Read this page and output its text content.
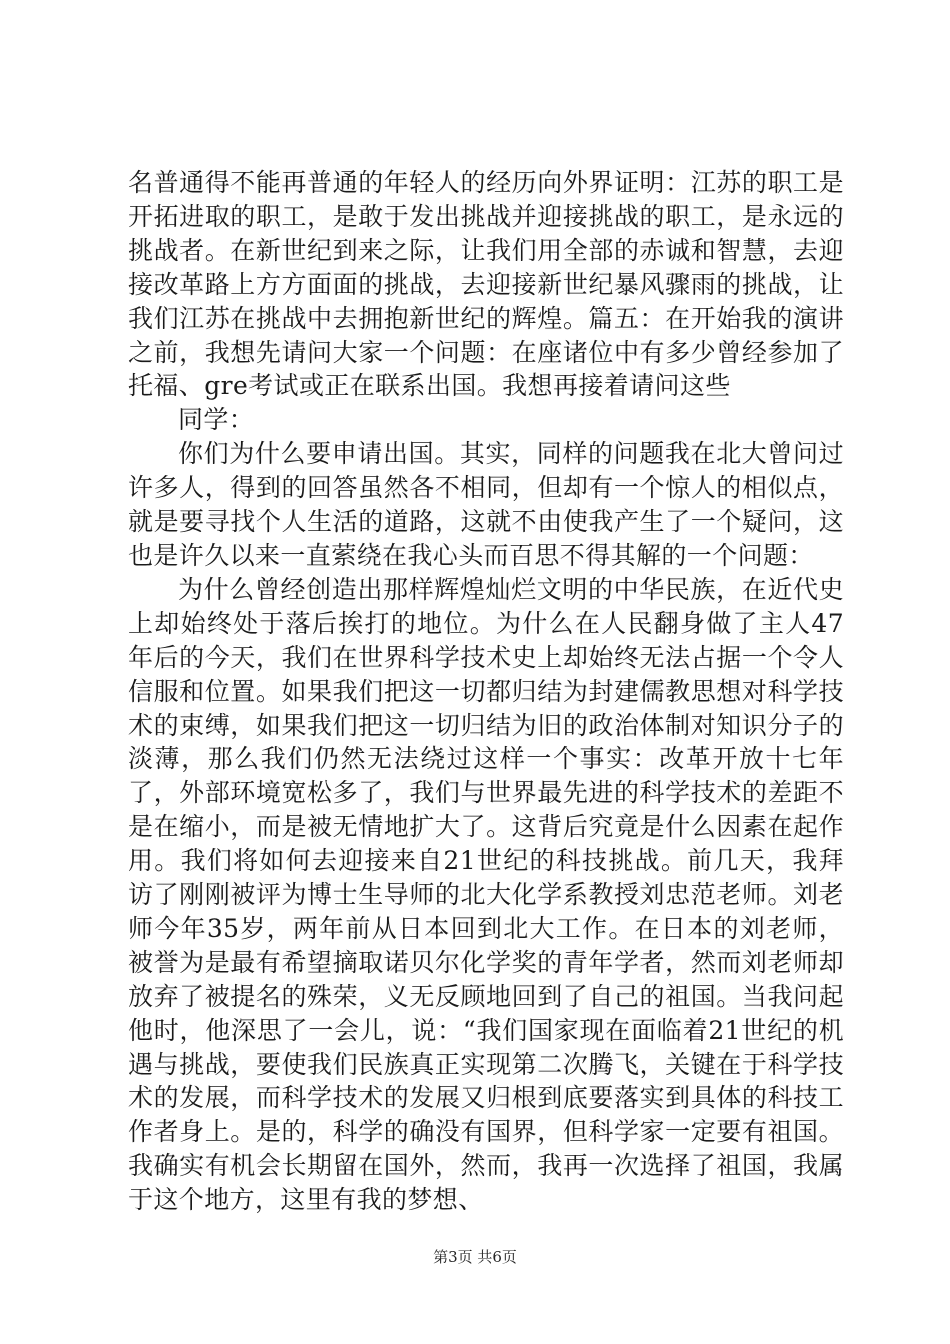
名普通得不能再普通的年轻人的经历向外界证明：江苏的职工是开拓进取的职工，是敢于发出挑战并迎接挑战的职工，是永远的挑战者。在新世纪到来之际，让我们用全部的赤诚和智慧，去迎接改革路上方方面面的挑战，去迎接新世纪暴风骤雨的挑战，让我们江苏在挑战中去拥抱新世纪的辉煌。篇五：在开始我的演讲之前，我想先请问大家一个问题：在座诸位中有多少曾经参加了托福、gre考试或正在联系出国。我想再接着请问这些

同学：

你们为什么要申请出国。其实，同样的问题我在北大曾问过许多人，得到的回答虽然各不相同，但却有一个惊人的相似点，就是要寻找个人生活的道路，这就不由使我产生了一个疑问，这也是许久以来一直萦绕在我心头而百思不得其解的一个问题：

为什么曾经创造出那样辉煌灿烂文明的中华民族，在近代史上却始终处于落后挨打的地位。为什么在人民翻身做了主人47年后的今天，我们在世界科学技术史上却始终无法占据一个令人信服和位置。如果我们把这一切都归结为封建儒教思想对科学技术的束缚，如果我们把这一切归结为旧的政治体制对知识分子的淡薄，那么我们仍然无法绕过这样一个事实：改革开放十七年了，外部环境宽松多了，我们与世界最先进的科学技术的差距不是在缩小，而是被无情地扩大了。这背后究竟是什么因素在起作用。我们将如何去迎接来自21世纪的科技挑战。前几天，我拜访了刚刚被评为博士生导师的北大化学系教授刘忠范老师。刘老师今年35岁，两年前从日本回到北大工作。在日本的刘老师，被誉为是最有希望摘取诺贝尔化学奖的青年学者，然而刘老师却放弃了被提名的殊荣，义无反顾地回到了自己的祖国。当我问起他时，他深思了一会儿，说：“我们国家现在面临着21世纪的机遇与挑战，要使我们民族真正实现第二次腾飞，关键在于科学技术的发展，而科学技术的发展又归根到底要落实到具体的科技工作者身上。是的，科学的确没有国界，但科学家一定要有祖国。我确实有机会长期留在国外，然而，我再一次选择了祖国，我属于这个地方，这里有我的梦想、

第3页 共6页
